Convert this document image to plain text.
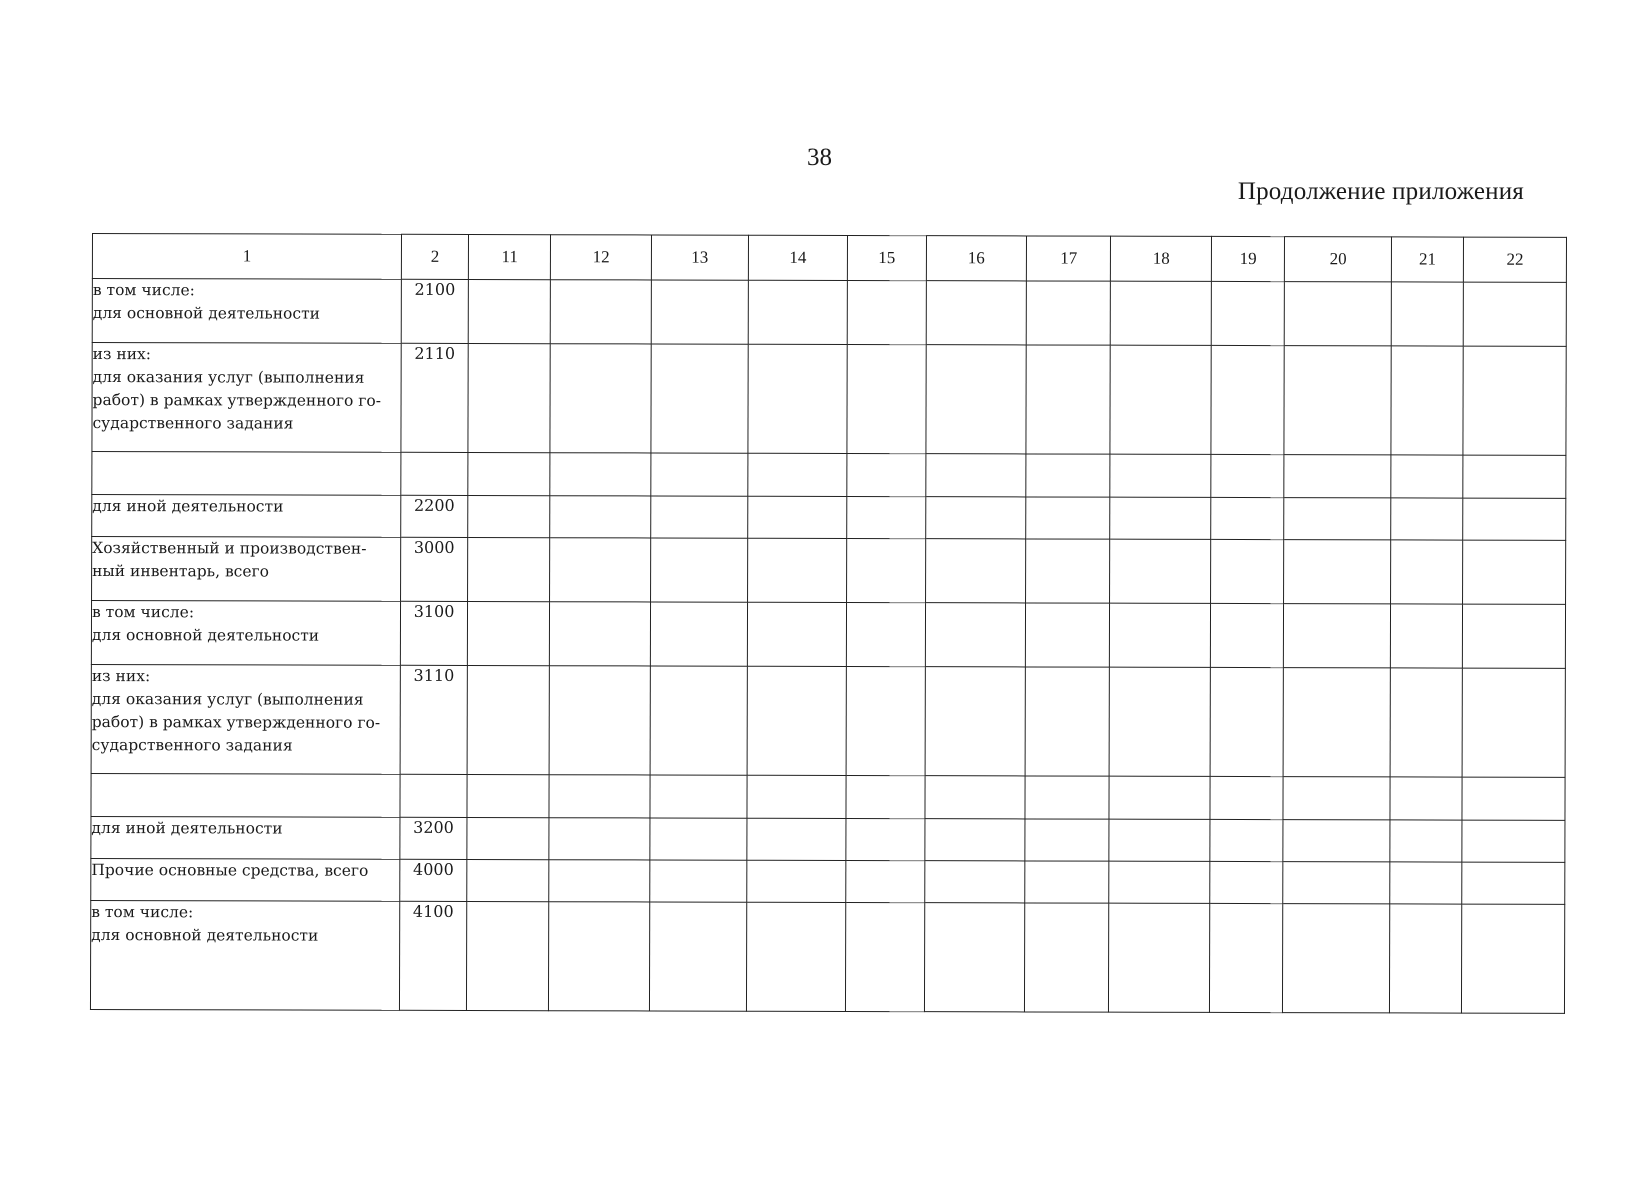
38
Продолжение приложения
1	2	11	12	13	14	15	16	17	18	19	20	21	22
в том числе:
для основной деятельности	2100												
из них:
для оказания услуг (выполнения
работ) в рамках утвержденного го-
сударственного задания	2110												

для иной деятельности	2200												
Хозяйственный и производствен-
ный инвентарь, всего	3000												
в том числе:
для основной деятельности	3100												
из них:
для оказания услуг (выполнения
работ) в рамках утвержденного го-
сударственного задания	3110												

для иной деятельности	3200												
Прочие основные средства, всего	4000												
в том числе:
для основной деятельности	4100												
